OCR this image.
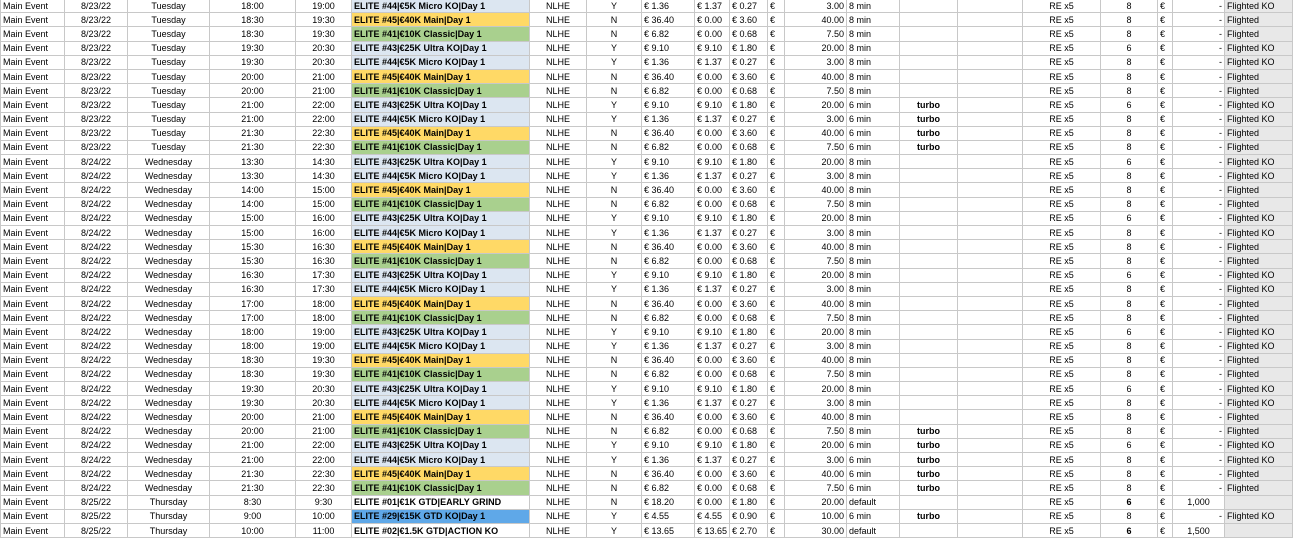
Main Event	8/23/22	Tuesday	18:00	19:00	ELITE #44|€5K Micro KO|Day 1	NLHE	Y	€ 1.36	€ 1.37	€ 0.27	€	3.00	8 min			RE x5	8	€	-	Flighted KO
Main Event	8/23/22	Tuesday	18:30	19:30	ELITE #45|€40K Main|Day 1	NLHE	N	€ 36.40	€ 0.00	€ 3.60	€	40.00	8 min			RE x5	8	€	-	Flighted
Main Event	8/23/22	Tuesday	18:30	19:30	ELITE #41|€10K Classic|Day 1	NLHE	N	€ 6.82	€ 0.00	€ 0.68	€	7.50	8 min			RE x5	8	€	-	Flighted
Main Event	8/23/22	Tuesday	19:30	20:30	ELITE #43|€25K Ultra KO|Day 1	NLHE	Y	€ 9.10	€ 9.10	€ 1.80	€	20.00	8 min			RE x5	6	€	-	Flighted KO
Main Event	8/23/22	Tuesday	19:30	20:30	ELITE #44|€5K Micro KO|Day 1	NLHE	Y	€ 1.36	€ 1.37	€ 0.27	€	3.00	8 min			RE x5	8	€	-	Flighted KO
Main Event	8/23/22	Tuesday	20:00	21:00	ELITE #45|€40K Main|Day 1	NLHE	N	€ 36.40	€ 0.00	€ 3.60	€	40.00	8 min			RE x5	8	€	-	Flighted
Main Event	8/23/22	Tuesday	20:00	21:00	ELITE #41|€10K Classic|Day 1	NLHE	N	€ 6.82	€ 0.00	€ 0.68	€	7.50	8 min			RE x5	8	€	-	Flighted
Main Event	8/23/22	Tuesday	21:00	22:00	ELITE #43|€25K Ultra KO|Day 1	NLHE	Y	€ 9.10	€ 9.10	€ 1.80	€	20.00	6 min	turbo		RE x5	6	€	-	Flighted KO
Main Event	8/23/22	Tuesday	21:00	22:00	ELITE #44|€5K Micro KO|Day 1	NLHE	Y	€ 1.36	€ 1.37	€ 0.27	€	3.00	6 min	turbo		RE x5	8	€	-	Flighted KO
Main Event	8/23/22	Tuesday	21:30	22:30	ELITE #45|€40K Main|Day 1	NLHE	N	€ 36.40	€ 0.00	€ 3.60	€	40.00	6 min	turbo		RE x5	8	€	-	Flighted
Main Event	8/23/22	Tuesday	21:30	22:30	ELITE #41|€10K Classic|Day 1	NLHE	N	€ 6.82	€ 0.00	€ 0.68	€	7.50	6 min	turbo		RE x5	8	€	-	Flighted
Main Event	8/24/22	Wednesday	13:30	14:30	ELITE #43|€25K Ultra KO|Day 1	NLHE	Y	€ 9.10	€ 9.10	€ 1.80	€	20.00	8 min			RE x5	6	€	-	Flighted KO
Main Event	8/24/22	Wednesday	13:30	14:30	ELITE #44|€5K Micro KO|Day 1	NLHE	Y	€ 1.36	€ 1.37	€ 0.27	€	3.00	8 min			RE x5	8	€	-	Flighted KO
Main Event	8/24/22	Wednesday	14:00	15:00	ELITE #45|€40K Main|Day 1	NLHE	N	€ 36.40	€ 0.00	€ 3.60	€	40.00	8 min			RE x5	8	€	-	Flighted
Main Event	8/24/22	Wednesday	14:00	15:00	ELITE #41|€10K Classic|Day 1	NLHE	N	€ 6.82	€ 0.00	€ 0.68	€	7.50	8 min			RE x5	8	€	-	Flighted
Main Event	8/24/22	Wednesday	15:00	16:00	ELITE #43|€25K Ultra KO|Day 1	NLHE	Y	€ 9.10	€ 9.10	€ 1.80	€	20.00	8 min			RE x5	6	€	-	Flighted KO
Main Event	8/24/22	Wednesday	15:00	16:00	ELITE #44|€5K Micro KO|Day 1	NLHE	Y	€ 1.36	€ 1.37	€ 0.27	€	3.00	8 min			RE x5	8	€	-	Flighted KO
Main Event	8/24/22	Wednesday	15:30	16:30	ELITE #45|€40K Main|Day 1	NLHE	N	€ 36.40	€ 0.00	€ 3.60	€	40.00	8 min			RE x5	8	€	-	Flighted
Main Event	8/24/22	Wednesday	15:30	16:30	ELITE #41|€10K Classic|Day 1	NLHE	N	€ 6.82	€ 0.00	€ 0.68	€	7.50	8 min			RE x5	8	€	-	Flighted
Main Event	8/24/22	Wednesday	16:30	17:30	ELITE #43|€25K Ultra KO|Day 1	NLHE	Y	€ 9.10	€ 9.10	€ 1.80	€	20.00	8 min			RE x5	6	€	-	Flighted KO
Main Event	8/24/22	Wednesday	16:30	17:30	ELITE #44|€5K Micro KO|Day 1	NLHE	Y	€ 1.36	€ 1.37	€ 0.27	€	3.00	8 min			RE x5	8	€	-	Flighted KO
Main Event	8/24/22	Wednesday	17:00	18:00	ELITE #45|€40K Main|Day 1	NLHE	N	€ 36.40	€ 0.00	€ 3.60	€	40.00	8 min			RE x5	8	€	-	Flighted
Main Event	8/24/22	Wednesday	17:00	18:00	ELITE #41|€10K Classic|Day 1	NLHE	N	€ 6.82	€ 0.00	€ 0.68	€	7.50	8 min			RE x5	8	€	-	Flighted
Main Event	8/24/22	Wednesday	18:00	19:00	ELITE #43|€25K Ultra KO|Day 1	NLHE	Y	€ 9.10	€ 9.10	€ 1.80	€	20.00	8 min			RE x5	6	€	-	Flighted KO
Main Event	8/24/22	Wednesday	18:00	19:00	ELITE #44|€5K Micro KO|Day 1	NLHE	Y	€ 1.36	€ 1.37	€ 0.27	€	3.00	8 min			RE x5	8	€	-	Flighted KO
Main Event	8/24/22	Wednesday	18:30	19:30	ELITE #45|€40K Main|Day 1	NLHE	N	€ 36.40	€ 0.00	€ 3.60	€	40.00	8 min			RE x5	8	€	-	Flighted
Main Event	8/24/22	Wednesday	18:30	19:30	ELITE #41|€10K Classic|Day 1	NLHE	N	€ 6.82	€ 0.00	€ 0.68	€	7.50	8 min			RE x5	8	€	-	Flighted
Main Event	8/24/22	Wednesday	19:30	20:30	ELITE #43|€25K Ultra KO|Day 1	NLHE	Y	€ 9.10	€ 9.10	€ 1.80	€	20.00	8 min			RE x5	6	€	-	Flighted KO
Main Event	8/24/22	Wednesday	19:30	20:30	ELITE #44|€5K Micro KO|Day 1	NLHE	Y	€ 1.36	€ 1.37	€ 0.27	€	3.00	8 min			RE x5	8	€	-	Flighted KO
Main Event	8/24/22	Wednesday	20:00	21:00	ELITE #45|€40K Main|Day 1	NLHE	N	€ 36.40	€ 0.00	€ 3.60	€	40.00	8 min			RE x5	8	€	-	Flighted
Main Event	8/24/22	Wednesday	20:00	21:00	ELITE #41|€10K Classic|Day 1	NLHE	N	€ 6.82	€ 0.00	€ 0.68	€	7.50	8 min	turbo		RE x5	8	€	-	Flighted
Main Event	8/24/22	Wednesday	21:00	22:00	ELITE #43|€25K Ultra KO|Day 1	NLHE	Y	€ 9.10	€ 9.10	€ 1.80	€	20.00	6 min	turbo		RE x5	6	€	-	Flighted KO
Main Event	8/24/22	Wednesday	21:00	22:00	ELITE #44|€5K Micro KO|Day 1	NLHE	Y	€ 1.36	€ 1.37	€ 0.27	€	3.00	6 min	turbo		RE x5	8	€	-	Flighted KO
Main Event	8/24/22	Wednesday	21:30	22:30	ELITE #45|€40K Main|Day 1	NLHE	N	€ 36.40	€ 0.00	€ 3.60	€	40.00	6 min	turbo		RE x5	8	€	-	Flighted
Main Event	8/24/22	Wednesday	21:30	22:30	ELITE #41|€10K Classic|Day 1	NLHE	N	€ 6.82	€ 0.00	€ 0.68	€	7.50	6 min	turbo		RE x5	8	€	-	Flighted
Main Event	8/25/22	Thursday	8:30	9:30	ELITE #01|€1K GTD|EARLY GRIND	NLHE	N	€ 18.20	€ 0.00	€ 1.80	€	20.00	default			RE x5	6	€	1,000	
Main Event	8/25/22	Thursday	9:00	10:00	ELITE #29|€15K GTD KO|Day 1	NLHE	Y	€ 4.55	€ 4.55	€ 0.90	€	10.00	6 min	turbo		RE x5	8	€	-	Flighted KO
Main Event	8/25/22	Thursday	10:00	11:00	ELITE #02|€1.5K GTD|ACTION KO	NLHE	Y	€ 13.65	€ 13.65	€ 2.70	€	30.00	default			RE x5	6	€	1,500	
